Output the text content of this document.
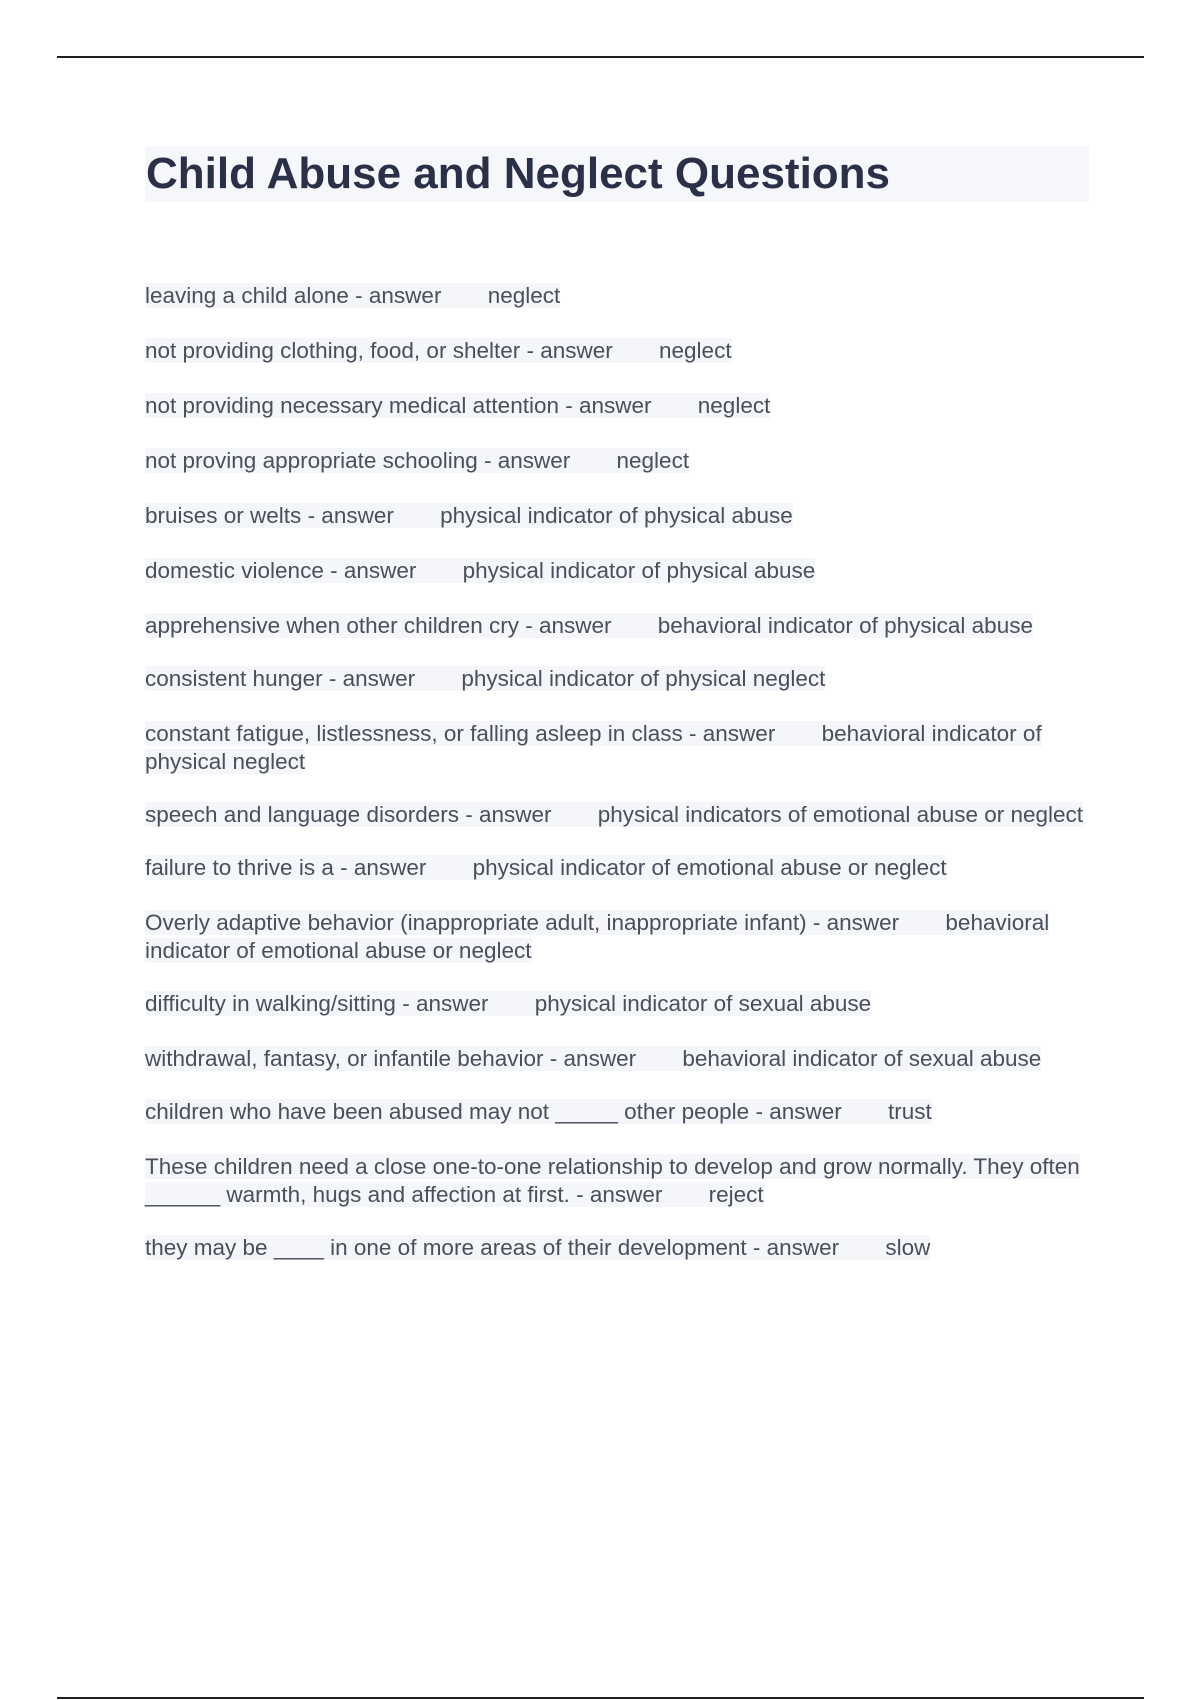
Child Abuse and Neglect Questions
leaving a child alone - answer neglect
not providing clothing, food, or shelter - answer neglect
not providing necessary medical attention - answer neglect
not proving appropriate schooling - answer neglect
bruises or welts - answer physical indicator of physical abuse
domestic violence - answer physical indicator of physical abuse
apprehensive when other children cry - answer behavioral indicator of physical abuse
consistent hunger - answer physical indicator of physical neglect
constant fatigue, listlessness, or falling asleep in class - answer behavioral indicator of physical neglect
speech and language disorders - answer physical indicators of emotional abuse or neglect
failure to thrive is a - answer physical indicator of emotional abuse or neglect
Overly adaptive behavior (inappropriate adult, inappropriate infant) - answer behavioral indicator of emotional abuse or neglect
difficulty in walking/sitting - answer physical indicator of sexual abuse
withdrawal, fantasy, or infantile behavior - answer behavioral indicator of sexual abuse
children who have been abused may not _____ other people - answer trust
These children need a close one-to-one relationship to develop and grow normally. They often ______ warmth, hugs and affection at first. - answer reject
they may be ____ in one of more areas of their development - answer slow
